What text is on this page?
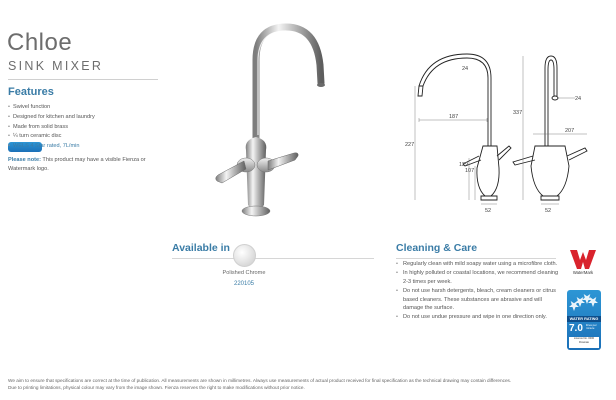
Chloe
SINK MIXER
Features
• Swivel function
• Designed for kitchen and laundry
• Made from solid brass
• ¼ turn ceramic disc
• WELS 4 Star rated, 7L/min
Please note: This product may have a visible Fienza or Watermark logo.
24
187
337
24
227
129
107
207
52	52
Available in
Polished Chrome
220105
Cleaning & Care
• Regularly clean with mild soapy water using a microfibre cloth.
• In highly polluted or coastal locations, we recommend cleaning 2-3 times per week.
• Do not use harsh detergents, bleach, cream cleaners or citrus based cleaners. These substances are abrasive and will damage the surface.
• Do not use undue pressure and wipe in one direction only.
WaterMark
WATER RATING
7.0 litres per minute
Licence No. 0000 Flowrate
We aim to ensure that specifications are correct at the time of publication. All measurements are shown in millimetres. Always use measurements of actual product received for final specification as the technical drawing may contain differences.
Due to printing limitations, physical colour may vary from the image shown. Fienza reserves the right to make modifications without prior notice.
